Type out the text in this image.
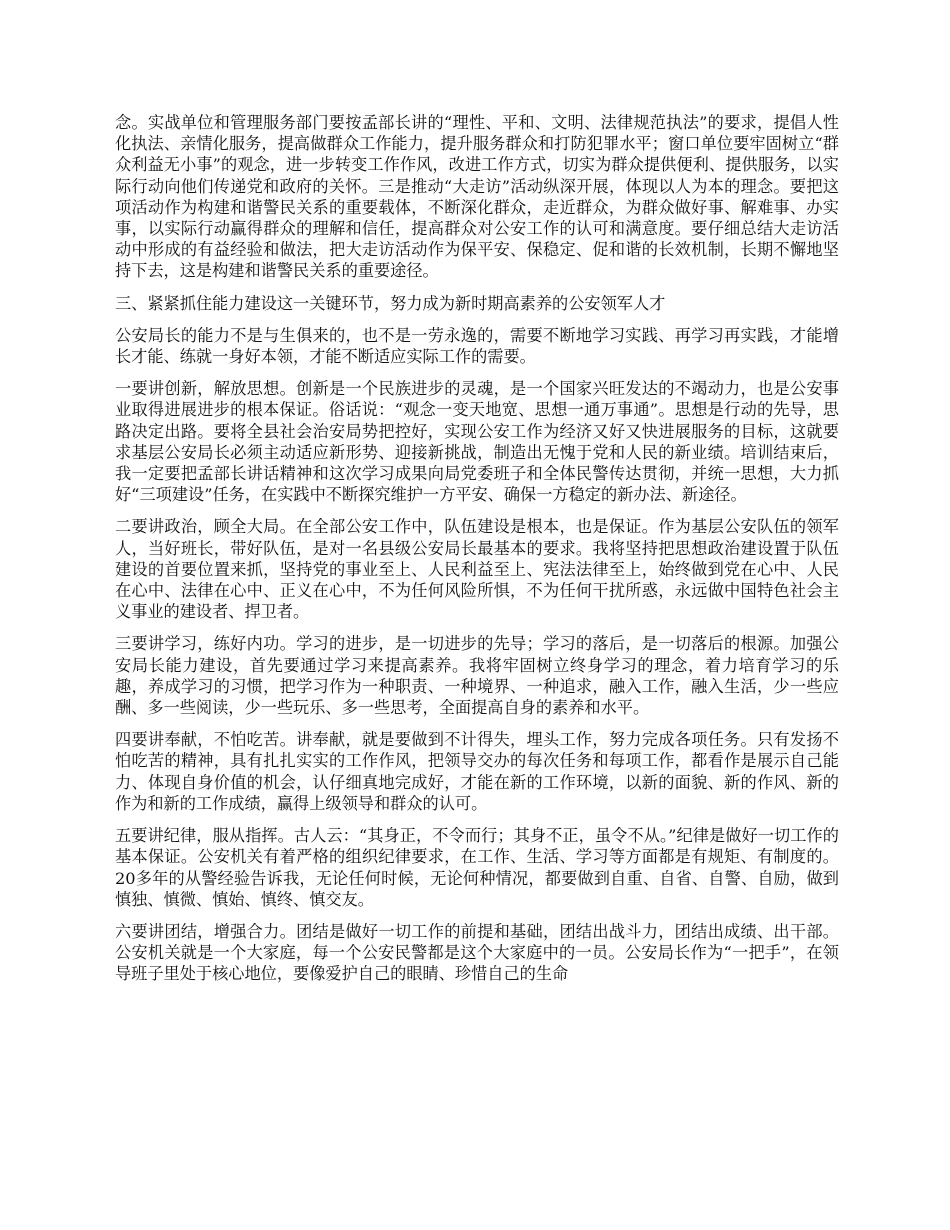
念。实战单位和管理服务部门要按孟部长讲的“理性、平和、文明、法律规范执法”的要求，提倡人性化执法、亲情化服务，提高做群众工作能力，提升服务群众和打防犯罪水平；窗口单位要牢固树立“群众利益无小事”的观念，进一步转变工作作风，改进工作方式，切实为群众提供便利、提供服务，以实际行动向他们传递党和政府的关怀。三是推动“大走访”活动纵深开展，体现以人为本的理念。要把这项活动作为构建和谐警民关系的重要载体，不断深化群众，走近群众，为群众做好事、解难事、办实事，以实际行动赢得群众的理解和信任，提高群众对公安工作的认可和满意度。要仔细总结大走访活动中形成的有益经验和做法，把大走访活动作为保平安、保稳定、促和谐的长效机制，长期不懈地坚持下去，这是构建和谐警民关系的重要途径。

三、紧紧抓住能力建设这一关键环节，努力成为新时期高素养的公安领军人才

公安局长的能力不是与生俱来的，也不是一劳永逸的，需要不断地学习实践、再学习再实践，才能增长才能、练就一身好本领，才能不断适应实际工作的需要。

一要讲创新，解放思想。创新是一个民族进步的灵魂，是一个国家兴旺发达的不竭动力，也是公安事业取得进展进步的根本保证。俗话说：“观念一变天地宽、思想一通万事通”。思想是行动的先导，思路决定出路。要将全县社会治安局势把控好，实现公安工作为经济又好又快进展服务的目标，这就要求基层公安局长必须主动适应新形势、迎接新挑战，制造出无愧于党和人民的新业绩。培训结束后，我一定要把孟部长讲话精神和这次学习成果向局党委班子和全体民警传达贯彻，并统一思想，大力抓好“三项建设”任务，在实践中不断探究维护一方平安、确保一方稳定的新办法、新途径。

二要讲政治，顾全大局。在全部公安工作中，队伍建设是根本，也是保证。作为基层公安队伍的领军人，当好班长，带好队伍，是对一名县级公安局长最基本的要求。我将坚持把思想政治建设置于队伍建设的首要位置来抓，坚持党的事业至上、人民利益至上、宪法法律至上，始终做到党在心中、人民在心中、法律在心中、正义在心中，不为任何风险所惧，不为任何干扰所惑，永远做中国特色社会主义事业的建设者、捍卫者。

三要讲学习，练好内功。学习的进步，是一切进步的先导；学习的落后，是一切落后的根源。加强公安局长能力建设，首先要通过学习来提高素养。我将牢固树立终身学习的理念，着力培育学习的乐趣，养成学习的习惯，把学习作为一种职责、一种境界、一种追求，融入工作，融入生活，少一些应酬、多一些阅读，少一些玩乐、多一些思考，全面提高自身的素养和水平。

四要讲奉献，不怕吃苦。讲奉献，就是要做到不计得失，埋头工作，努力完成各项任务。只有发扬不怕吃苦的精神，具有扎扎实实的工作作风，把领导交办的每次任务和每项工作，都看作是展示自己能力、体现自身价值的机会，认仔细真地完成好，才能在新的工作环境，以新的面貌、新的作风、新的作为和新的工作成绩，赢得上级领导和群众的认可。

五要讲纪律，服从指挥。古人云：“其身正，不令而行；其身不正，虽令不从。”纪律是做好一切工作的基本保证。公安机关有着严格的组织纪律要求，在工作、生活、学习等方面都是有规矩、有制度的。20多年的从警经验告诉我，无论任何时候，无论何种情况，都要做到自重、自省、自警、自励，做到慎独、慎微、慎始、慎终、慎交友。

六要讲团结，增强合力。团结是做好一切工作的前提和基础，团结出战斗力，团结出成绩、出干部。公安机关就是一个大家庭，每一个公安民警都是这个大家庭中的一员。公安局长作为“一把手”，在领导班子里处于核心地位，要像爱护自己的眼睛、珍惜自己的生命
